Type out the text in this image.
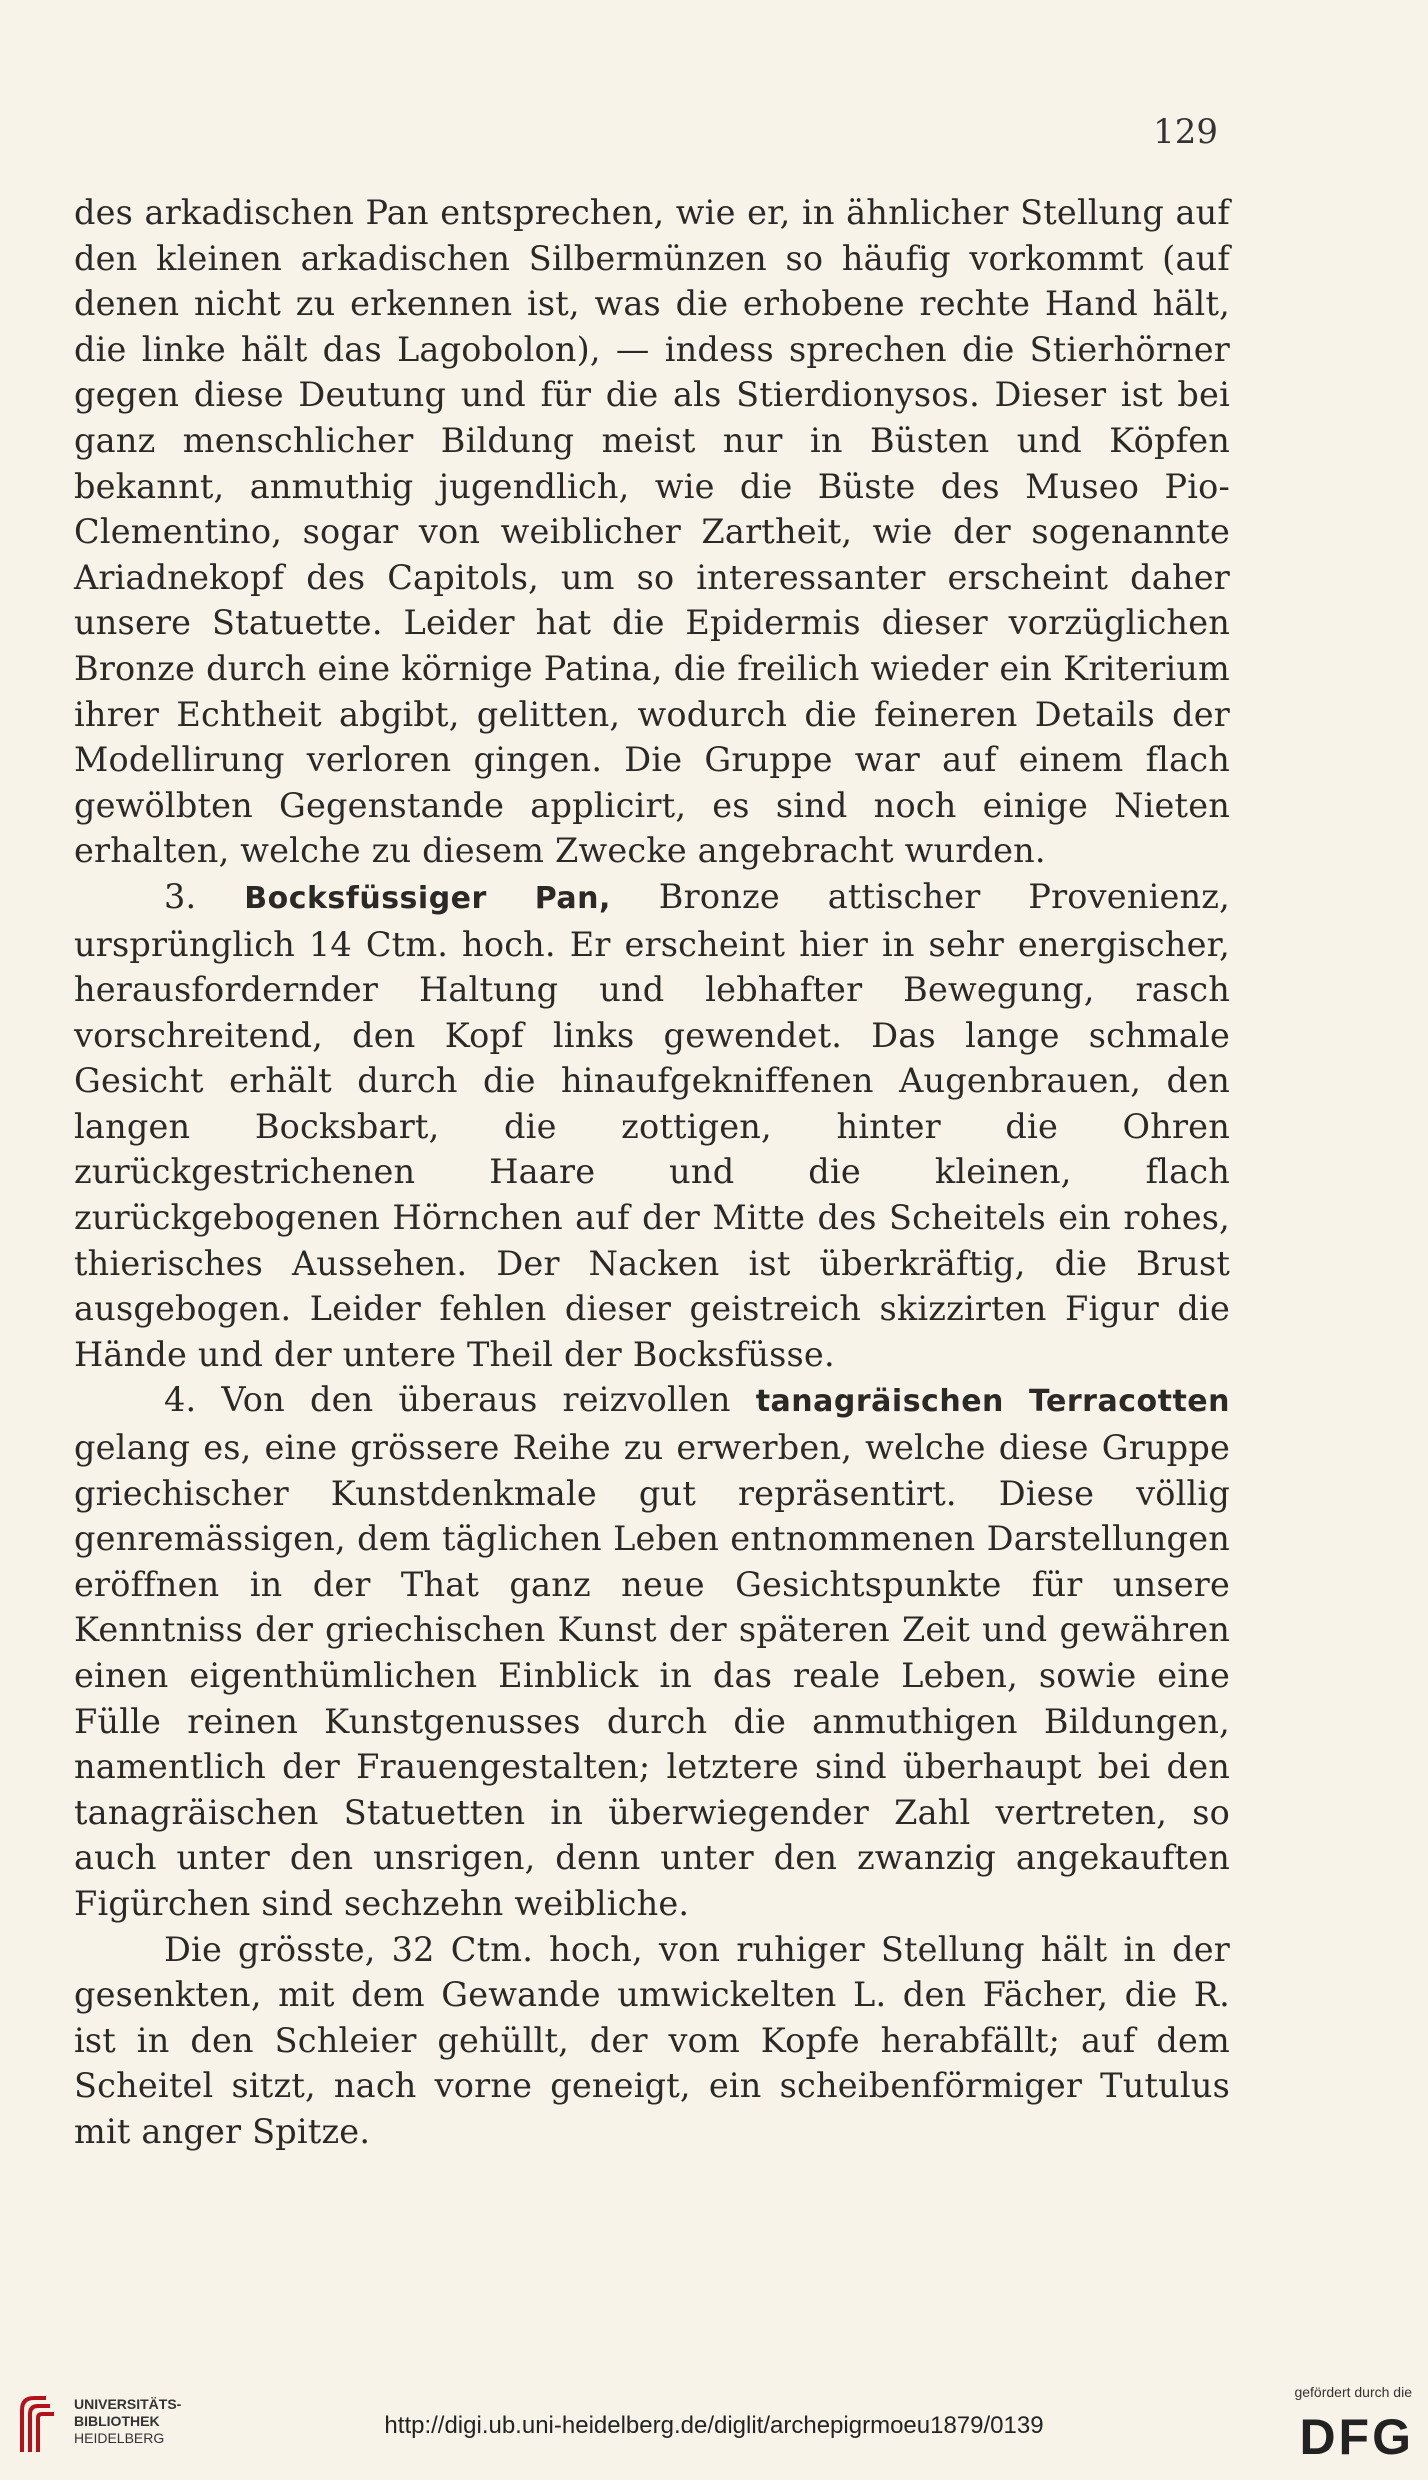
129

des arkadischen Pan entsprechen, wie er, in ähnlicher Stellung auf den kleinen arkadischen Silbermünzen so häufig vorkommt (auf denen nicht zu erkennen ist, was die erhobene rechte Hand hält, die linke hält das Lagobolon), — indess sprechen die Stierhörner gegen diese Deutung und für die als Stierdionysos. Dieser ist bei ganz menschlicher Bildung meist nur in Büsten und Köpfen bekannt, anmuthig jugendlich, wie die Büste des Museo Pio-Clementino, sogar von weiblicher Zartheit, wie der sogenannte Ariadnekopf des Capitols, um so interessanter erscheint daher unsere Statuette. Leider hat die Epidermis dieser vorzüglichen Bronze durch eine körnige Patina, die freilich wieder ein Kriterium ihrer Echtheit abgibt, gelitten, wodurch die feineren Details der Modellirung verloren gingen. Die Gruppe war auf einem flach gewölbten Gegenstande applicirt, es sind noch einige Nieten erhalten, welche zu diesem Zwecke angebracht wurden.

3. Bocksfüssiger Pan, Bronze attischer Provenienz, ursprünglich 14 Ctm. hoch. Er erscheint hier in sehr energischer, herausfordernder Haltung und lebhafter Bewegung, rasch vorschreitend, den Kopf links gewendet. Das lange schmale Gesicht erhält durch die hinaufgekniffenen Augenbrauen, den langen Bocksbart, die zottigen, hinter die Ohren zurückgestrichenen Haare und die kleinen, flach zurückgebogenen Hörnchen auf der Mitte des Scheitels ein rohes, thierisches Aussehen. Der Nacken ist überkräftig, die Brust ausgebogen. Leider fehlen dieser geistreich skizzirten Figur die Hände und der untere Theil der Bocksfüsse.

4. Von den überaus reizvollen tanagräischen Terracotten gelang es, eine grössere Reihe zu erwerben, welche diese Gruppe griechischer Kunstdenkmale gut repräsentirt. Diese völlig genremässigen, dem täglichen Leben entnommenen Darstellungen eröffnen in der That ganz neue Gesichtspunkte für unsere Kenntniss der griechischen Kunst der späteren Zeit und gewähren einen eigenthümlichen Einblick in das reale Leben, sowie eine Fülle reinen Kunstgenusses durch die anmuthigen Bildungen, namentlich der Frauengestalten; letztere sind überhaupt bei den tanagräischen Statuetten in überwiegender Zahl vertreten, so auch unter den unsrigen, denn unter den zwanzig angekauften Figürchen sind sechzehn weibliche.

Die grösste, 32 Ctm. hoch, von ruhiger Stellung hält in der gesenkten, mit dem Gewande umwickelten L. den Fächer, die R. ist in den Schleier gehüllt, der vom Kopfe herabfällt; auf dem Scheitel sitzt, nach vorne geneigt, ein scheibenförmiger Tutulus mit anger Spitze.

UNIVERSITÄTS-
BIBLIOTHEK
HEIDELBERG	http://digi.ub.uni-heidelberg.de/diglit/archepigrmoeu1879/0139
gefördert durch die
DFG
